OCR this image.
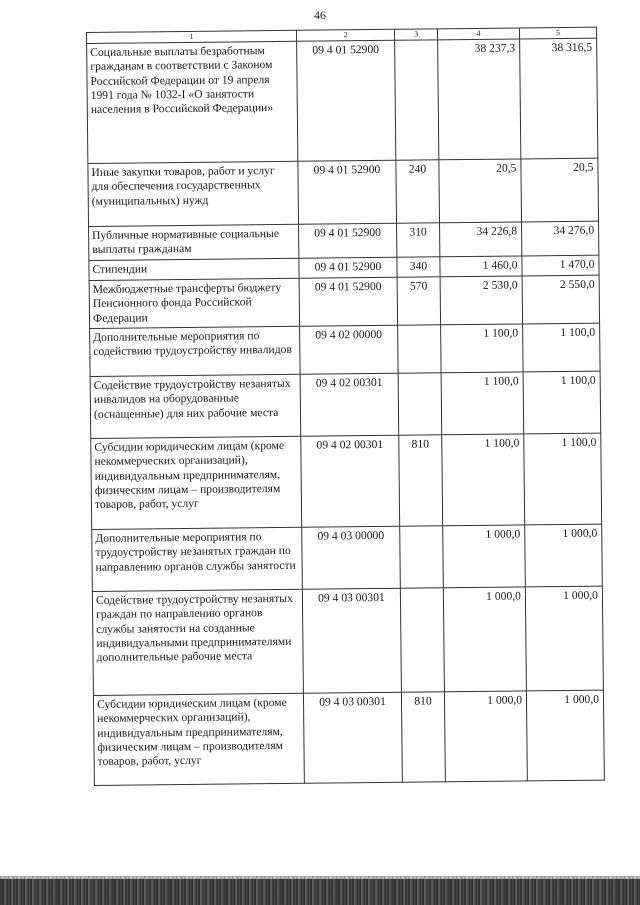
46
1	2	3	4	5
Социальные выплаты безработным гражданам в соответствии с Законом Российской Федерации от 19 апреля 1991 года № 1032-I «О занятости населения в Российской Федерации»	09 4 01 52900		38 237,3	38 316,5
Иные закупки товаров, работ и услуг для обеспечения государственных (муниципальных) нужд	09 4 01 52900	240	20,5	20,5
Публичные нормативные социальные выплаты гражданам	09 4 01 52900	310	34 226,8	34 276,0
Стипендии	09 4 01 52900	340	1 460,0	1 470,0
Межбюджетные трансферты бюджету Пенсионного фонда Российской Федерации	09 4 01 52900	570	2 530,0	2 550,0
Дополнительные мероприятия по содействию трудоустройству инвалидов	09 4 02 00000		1 100,0	1 100,0
Содействие трудоустройству незанятых инвалидов на оборудованные (оснащенные) для них рабочие места	09 4 02 00301		1 100,0	1 100,0
Субсидии юридическим лицам (кроме некоммерческих организаций), индивидуальным предпринимателям, физическим лицам – производителям товаров, работ, услуг	09 4 02 00301	810	1 100,0	1 100,0
Дополнительные мероприятия по трудоустройству незанятых граждан по направлению органов службы занятости	09 4 03 00000		1 000,0	1 000,0
Содействие трудоустройству незанятых граждан по направлению органов службы занятости на созданные индивидуальными предпринимателями дополнительные рабочие места	09 4 03 00301		1 000,0	1 000,0
Субсидии юридическим лицам (кроме некоммерческих организаций), индивидуальным предпринимателям, физическим лицам – производителям товаров, работ, услуг	09 4 03 00301	810	1 000,0	1 000,0
